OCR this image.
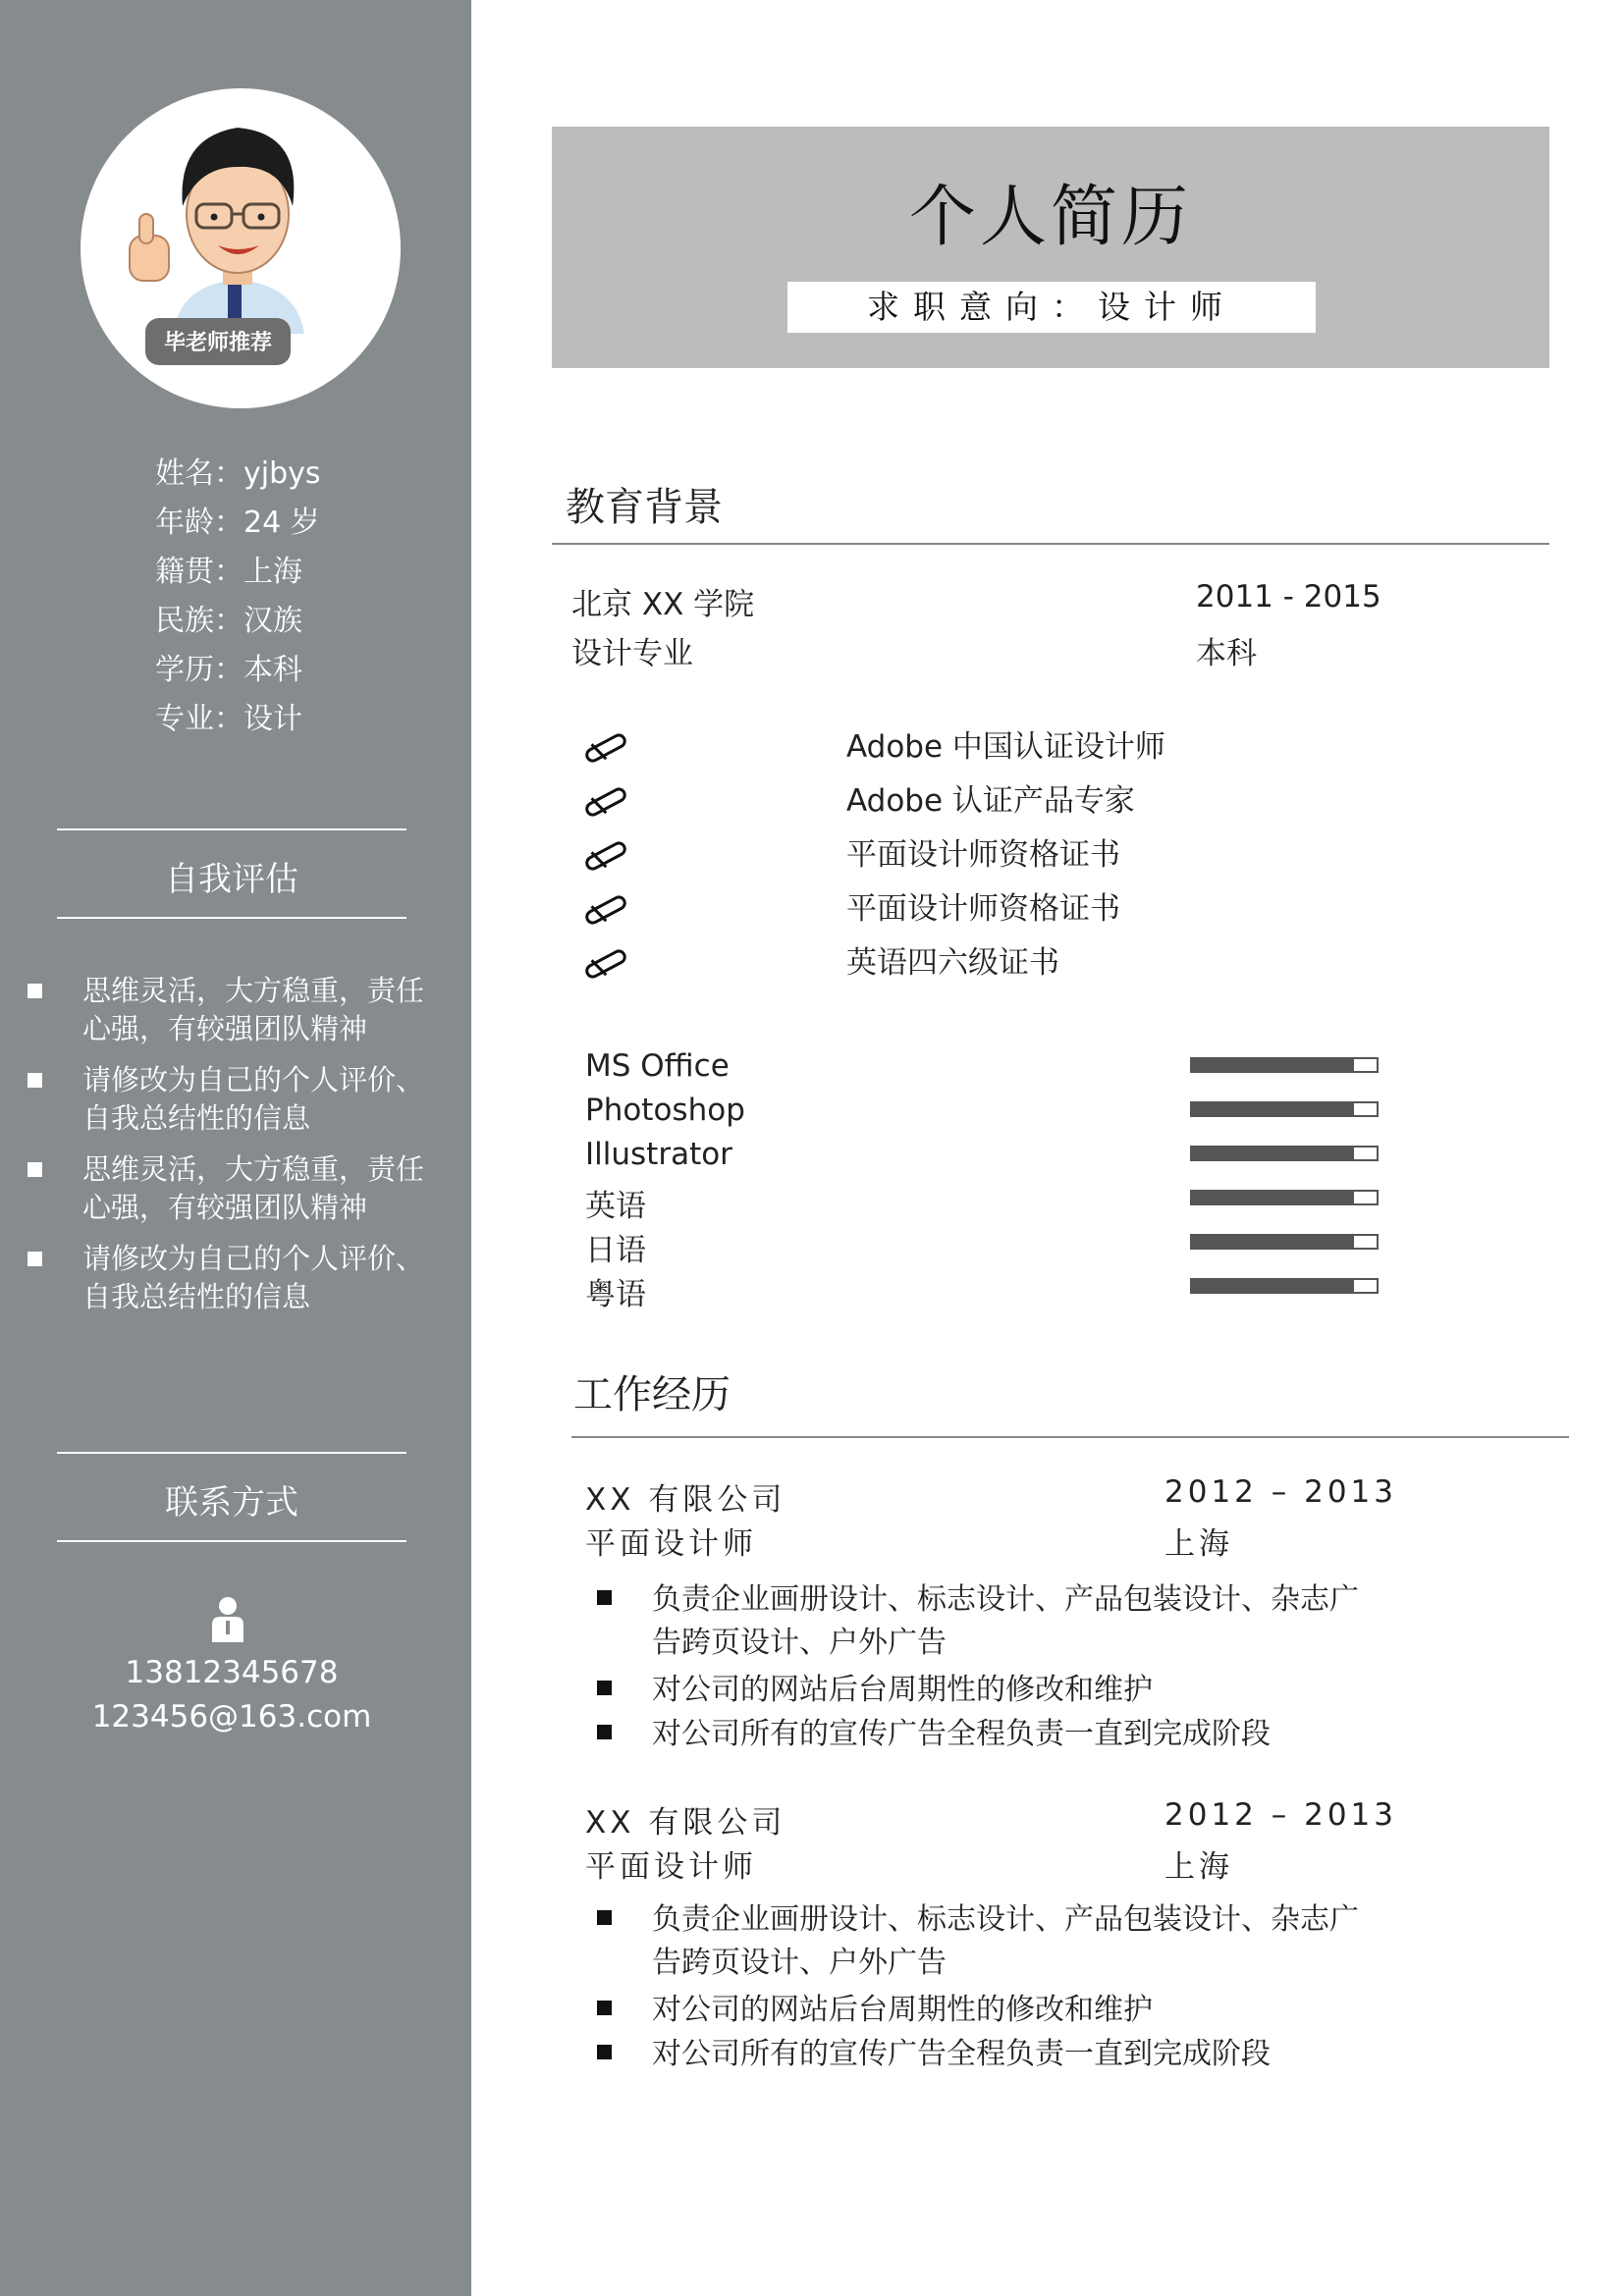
毕老师推荐
姓名：yjbys
年龄：24 岁
籍贯：上海
民族：汉族
学历：本科
专业：设计
自我评估
思维灵活，大方稳重，责任心强，有较强团队精神
请修改为自己的个人评价、自我总结性的信息
思维灵活，大方稳重，责任心强，有较强团队精神
请修改为自己的个人评价、自我总结性的信息
联系方式
13812345678
123456@163.com
个人简历
求职意向：设计师
教育背景
北京 XX 学院	2011 - 2015
设计专业	本科
Adobe 中国认证设计师
Adobe 认证产品专家
平面设计师资格证书
平面设计师资格证书
英语四六级证书
MS Office
Photoshop
Illustrator
英语
日语
粤语
工作经历
XX 有限公司	2012 – 2013
平面设计师	上海
负责企业画册设计、标志设计、产品包装设计、杂志广告跨页设计、户外广告
对公司的网站后台周期性的修改和维护
对公司所有的宣传广告全程负责一直到完成阶段
XX 有限公司	2012 – 2013
平面设计师	上海
负责企业画册设计、标志设计、产品包装设计、杂志广告跨页设计、户外广告
对公司的网站后台周期性的修改和维护
对公司所有的宣传广告全程负责一直到完成阶段
